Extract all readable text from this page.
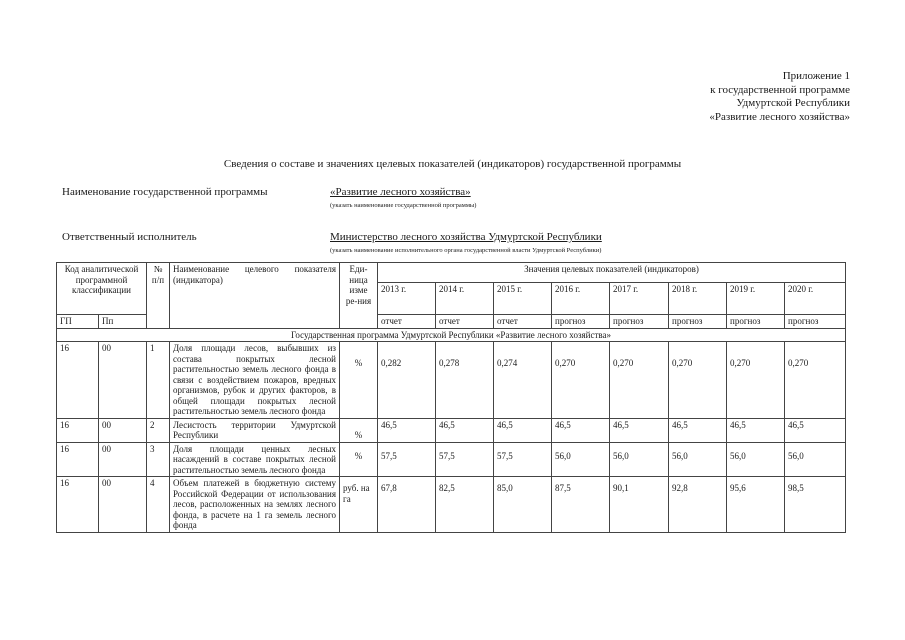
Приложение 1
к государственной программе
Удмуртской Республики
«Развитие лесного хозяйства»
Сведения о составе и значениях целевых показателей (индикаторов) государственной программы
Наименование государственной программы	«Развитие лесного хозяйства»
(указать наименование государственной программы)
Ответственный исполнитель	Министерство лесного хозяйства Удмуртской Республики
(указать наименование исполнительного органа государственной власти Удмуртской Республики)
Код аналитической программной классификации		№ п/п	Наименование целевого показателя (индикатора)	Еди-ница изме ре-ния	Значения целевых показателей (индикаторов)							
					2013 г.	2014 г.	2015 г.	2016 г.	2017 г.	2018 г.	2019 г.	2020 г.
ГП	Пп				отчет	отчет	отчет	прогноз	прогноз	прогноз	прогноз	прогноз
Государственная программа Удмуртской Республики «Развитие лесного хозяйства»												
16	00	1	Доля площади лесов, выбывших из состава покрытых лесной растительностью земель лесного фонда в связи с воздействием пожаров, вредных организмов, рубок и других факторов, в общей площади покрытых лесной растительностью земель лесного фонда	%	0,282	0,278	0,274	0,270	0,270	0,270	0,270	0,270
16	00	2	Лесистость территории Удмуртской Республики	%	46,5	46,5	46,5	46,5	46,5	46,5	46,5	46,5
16	00	3	Доля площади ценных лесных насаждений в составе покрытых лесной растительностью земель лесного фонда	%	57,5	57,5	57,5	56,0	56,0	56,0	56,0	56,0
16	00	4	Объем платежей в бюджетную систему Российской Федерации от использования лесов, расположенных на землях лесного фонда, в расчете на 1 га земель лесного фонда	руб. на га	67,8	82,5	85,0	87,5	90,1	92,8	95,6	98,5
